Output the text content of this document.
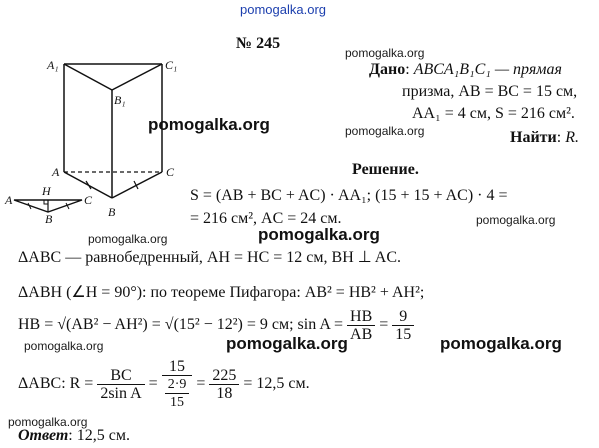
pomogalka.org
pomogalka.org
pomogalka.org	pomogalka.org
pomogalka.org
pomogalka.org
pomogalka.org
pomogalka.org	pomogalka.org	pomogalka.org
pomogalka.org
A₁	C₁
B₁
A	C
B
H
A	C
B
№ 245
Дано: ABCA₁B₁C₁ — прямая
призма, AB = BC = 15 см,
AA₁ = 4 см, S = 216 см².
Найти: R.
Решение.
S = (AB + BC + AC) · AA₁; (15 + 15 + AC) · 4 =
= 216 см², AC = 24 см.
ΔABC — равнобедренный, AH = HC = 12 см, BH ⊥ AC.
ΔABH (∠H = 90°): по теореме Пифагора: AB² = HB² + AH²;
HB = √(AB² − AH²) = √(15² − 12²) = 9 см; $\sin A = \frac{HB}{AB} = \frac{9}{15}$
ΔABC: $R = \frac{BC}{\text{2sin A}} = \frac{15}{\frac{2\cdot 9}{15}} = \frac{225}{18} = 12,5$ см.
Ответ: 12,5 см.
